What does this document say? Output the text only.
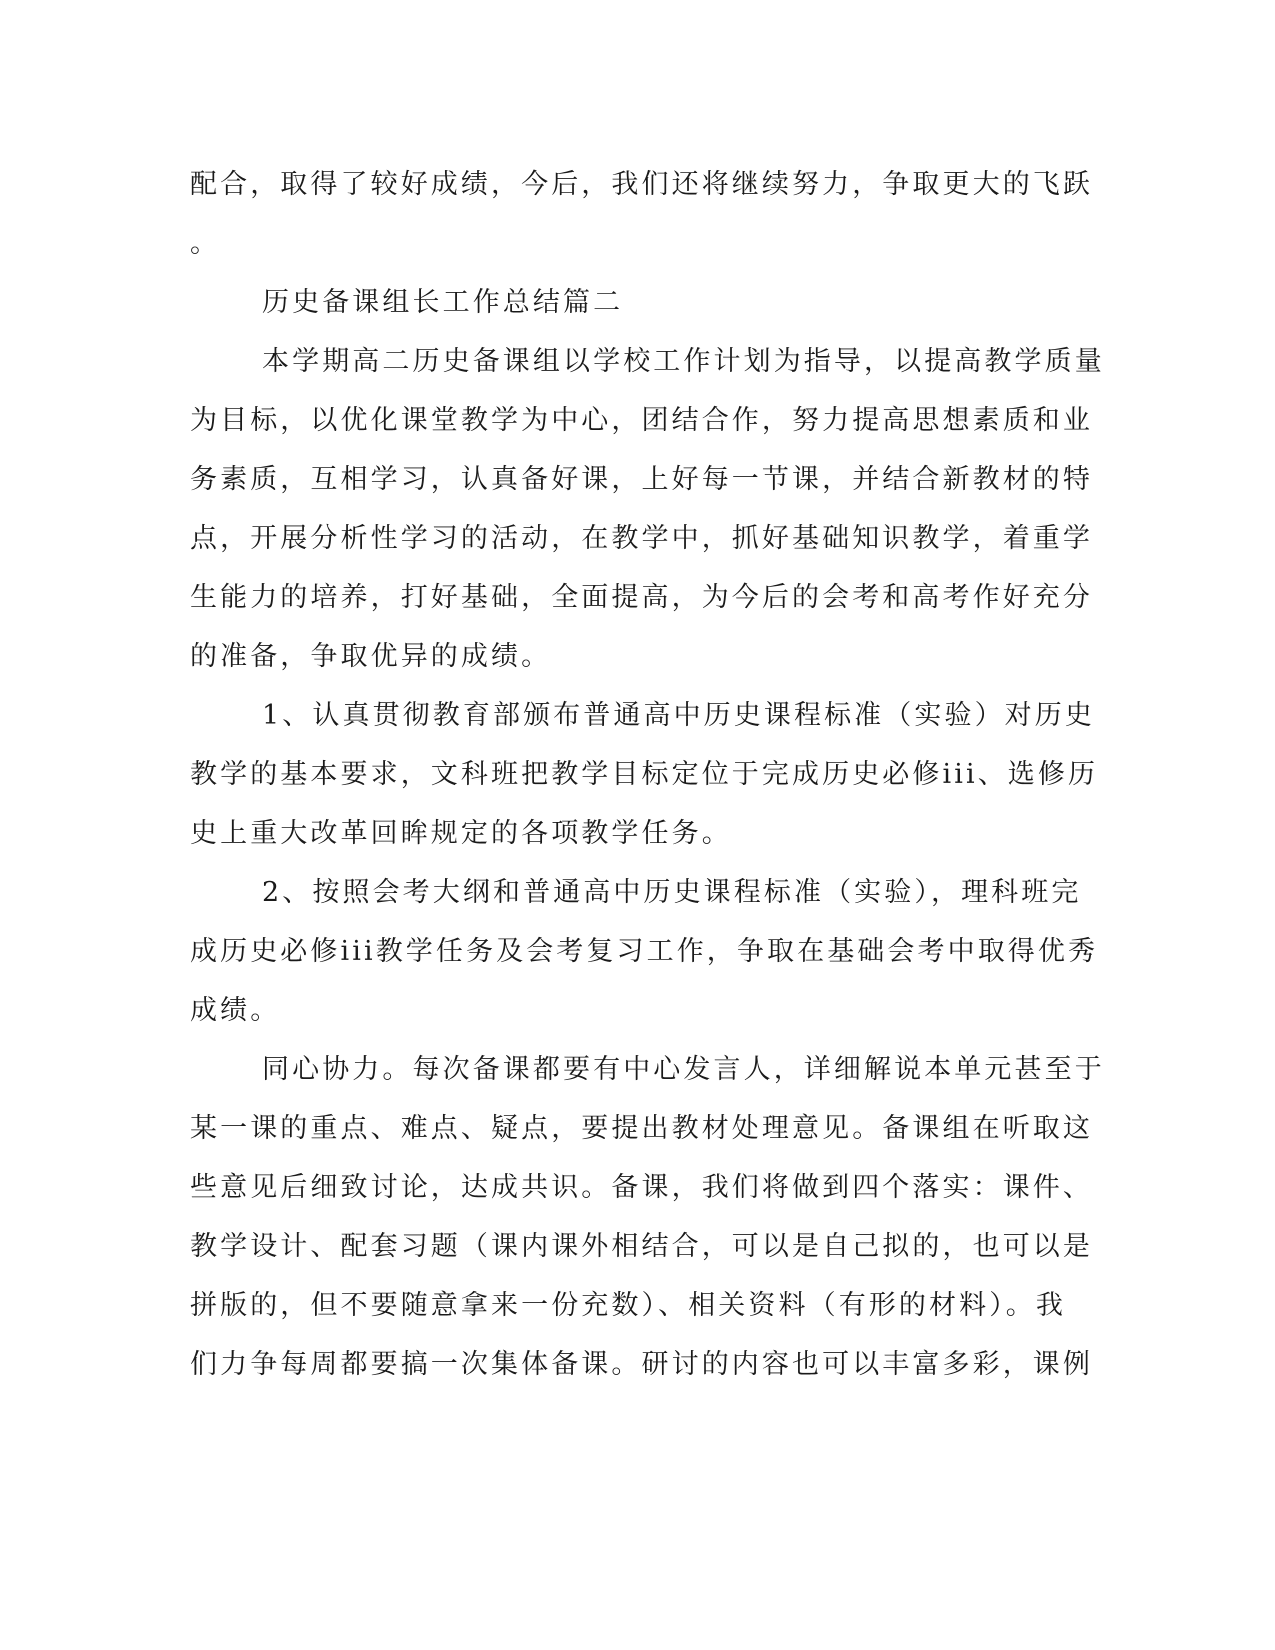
配合，取得了较好成绩，今后，我们还将继续努力，争取更大的飞跃

。

历史备课组长工作总结篇二

本学期高二历史备课组以学校工作计划为指导，以提高教学质量

为目标，以优化课堂教学为中心，团结合作，努力提高思想素质和业

务素质，互相学习，认真备好课，上好每一节课，并结合新教材的特

点，开展分析性学习的活动，在教学中，抓好基础知识教学，着重学

生能力的培养，打好基础，全面提高，为今后的会考和高考作好充分

的准备，争取优异的成绩。

1、认真贯彻教育部颁布普通高中历史课程标准（实验）对历史

教学的基本要求，文科班把教学目标定位于完成历史必修iii、选修历

史上重大改革回眸规定的各项教学任务。

2、按照会考大纲和普通高中历史课程标准（实验），理科班完

成历史必修iii教学任务及会考复习工作，争取在基础会考中取得优秀

成绩。

同心协力。每次备课都要有中心发言人，详细解说本单元甚至于

某一课的重点、难点、疑点，要提出教材处理意见。备课组在听取这

些意见后细致讨论，达成共识。备课，我们将做到四个落实：课件、

教学设计、配套习题（课内课外相结合，可以是自己拟的，也可以是

拼版的，但不要随意拿来一份充数）、相关资料（有形的材料）。我

们力争每周都要搞一次集体备课。研讨的内容也可以丰富多彩，课例
